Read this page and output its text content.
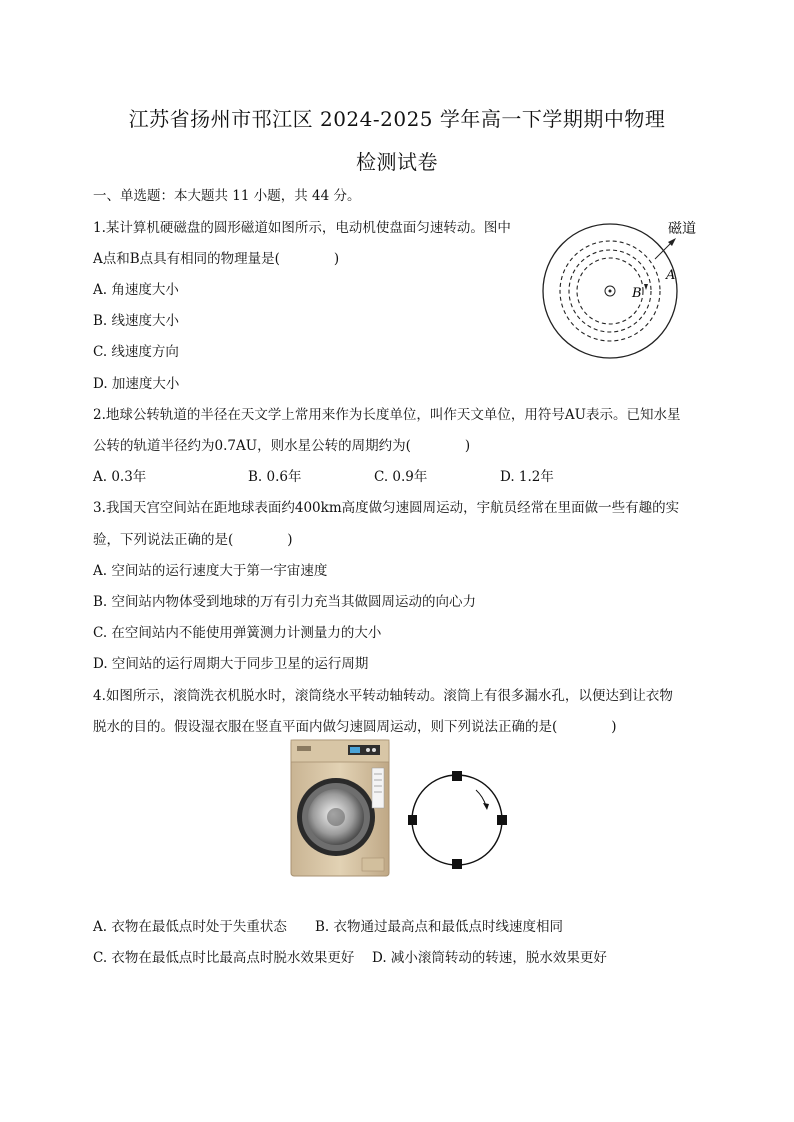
江苏省扬州市邗江区 2024-2025 学年高一下学期期中物理
检测试卷
一、单选题：本大题共 11 小题，共 44 分。
1.某计算机硬磁盘的圆形磁道如图所示，电动机使盘面匀速转动。图中
A点和B点具有相同的物理量是(　　　　)
A. 角速度大小
B. 线速度大小
C. 线速度方向
D. 加速度大小
磁道
A
B
2.地球公转轨道的半径在天文学上常用来作为长度单位，叫作天文单位，用符号AU表示。已知水星
公转的轨道半径约为0.7AU，则水星公转的周期约为(　　　　)
A. 0.3年	B. 0.6年	C. 0.9年	D. 1.2年
3.我国天宫空间站在距地球表面约400km高度做匀速圆周运动，宇航员经常在里面做一些有趣的实
验，下列说法正确的是(　　　　)
A. 空间站的运行速度大于第一宇宙速度
B. 空间站内物体受到地球的万有引力充当其做圆周运动的向心力
C. 在空间站内不能使用弹簧测力计测量力的大小
D. 空间站的运行周期大于同步卫星的运行周期
4.如图所示，滚筒洗衣机脱水时，滚筒绕水平转动轴转动。滚筒上有很多漏水孔，以便达到让衣物
脱水的目的。假设湿衣服在竖直平面内做匀速圆周运动，则下列说法正确的是(　　　　)
A. 衣物在最低点时处于失重状态 B. 衣物通过最高点和最低点时线速度相同
C. 衣物在最低点时比最高点时脱水效果更好 D. 减小滚筒转动的转速，脱水效果更好
